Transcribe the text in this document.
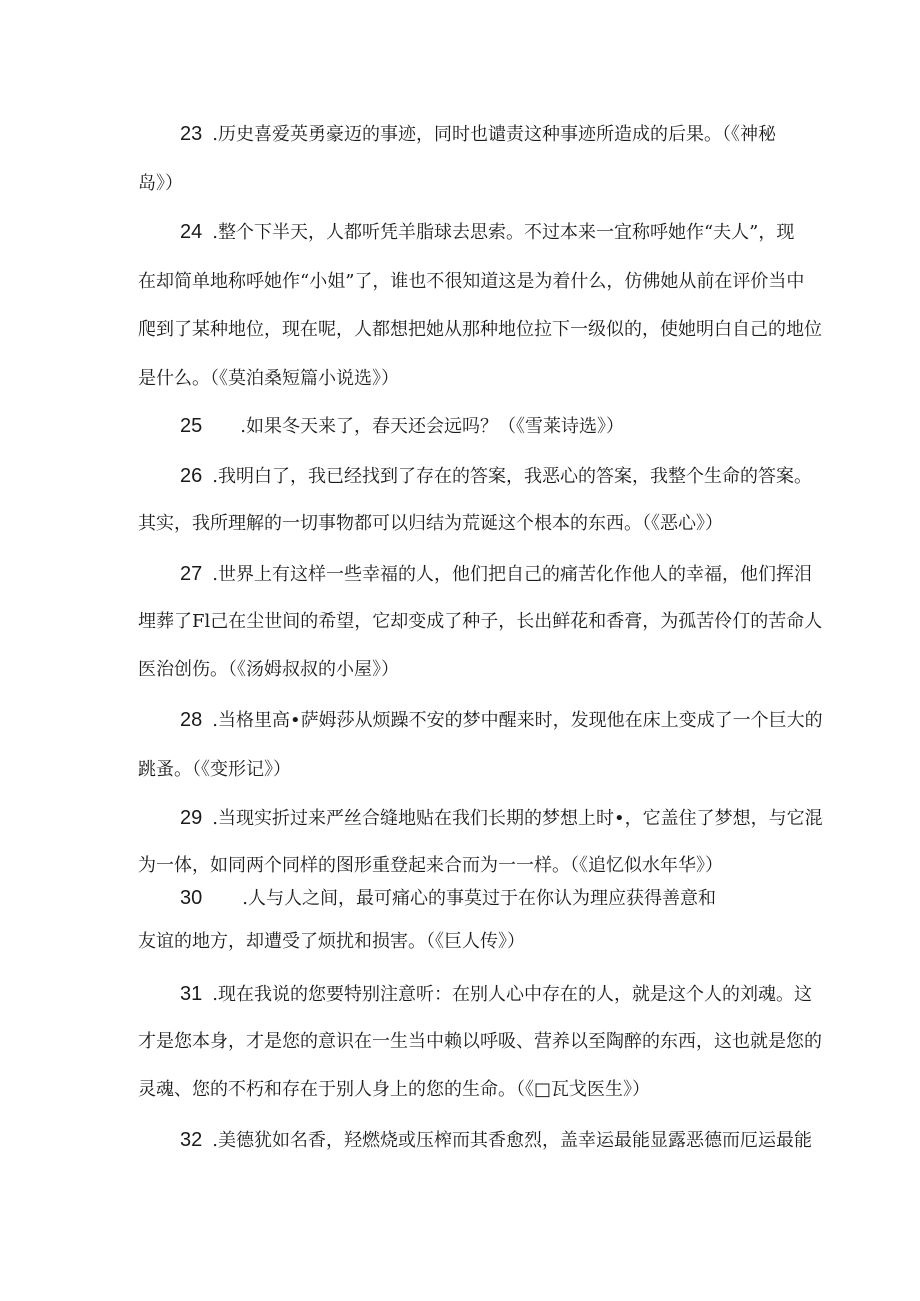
23 .历史喜爱英勇豪迈的事迹，同时也谴责这种事迹所造成的后果。（《神秘
岛》）
24 .整个下半天，人都听凭羊脂球去思索。不过本来一宜称呼她作“夫人”，现
在却简单地称呼她作“小姐”了，谁也不很知道这是为着什么，仿佛她从前在评价当中
爬到了某种地位，现在呢，人都想把她从那种地位拉下一级似的，使她明白自己的地位
是什么。（《莫泊桑短篇小说选》）
25 .如果冬天来了，春天还会远吗？（《雪莱诗选》）
26 .我明白了，我已经找到了存在的答案，我恶心的答案，我整个生命的答案。
其实，我所理解的一切事物都可以归结为荒诞这个根本的东西。（《恶心》）
27 .世界上有这样一些幸福的人，他们把自己的痛苦化作他人的幸福，他们挥泪
埋葬了Fl己在尘世间的希望，它却变成了种子，长出鲜花和香膏，为孤苦伶仃的苦命人
医治创伤。（《汤姆叔叔的小屋》）
28 .当格里高•萨姆莎从烦躁不安的梦中醒来时，发现他在床上变成了一个巨大的
跳蚤。（《变形记》）
29 .当现实折过来严丝合缝地贴在我们长期的梦想上时•，它盖住了梦想，与它混
为一体，如同两个同样的图形重登起来合而为一一样。（《追忆似水年华》）
30 .人与人之间，最可痛心的事莫过于在你认为理应获得善意和
友谊的地方，却遭受了烦扰和损害。（《巨人传》）
31 .现在我说的您要特别注意听：在别人心中存在的人，就是这个人的刘魂。这
才是您本身，才是您的意识在一生当中赖以呼吸、营养以至陶醉的东西，这也就是您的
灵魂、您的不朽和存在于别人身上的您的生命。（《□瓦戈医生》）
32 .美德犹如名香，羟燃烧或压榨而其香愈烈，盖幸运最能显露恶德而厄运最能
